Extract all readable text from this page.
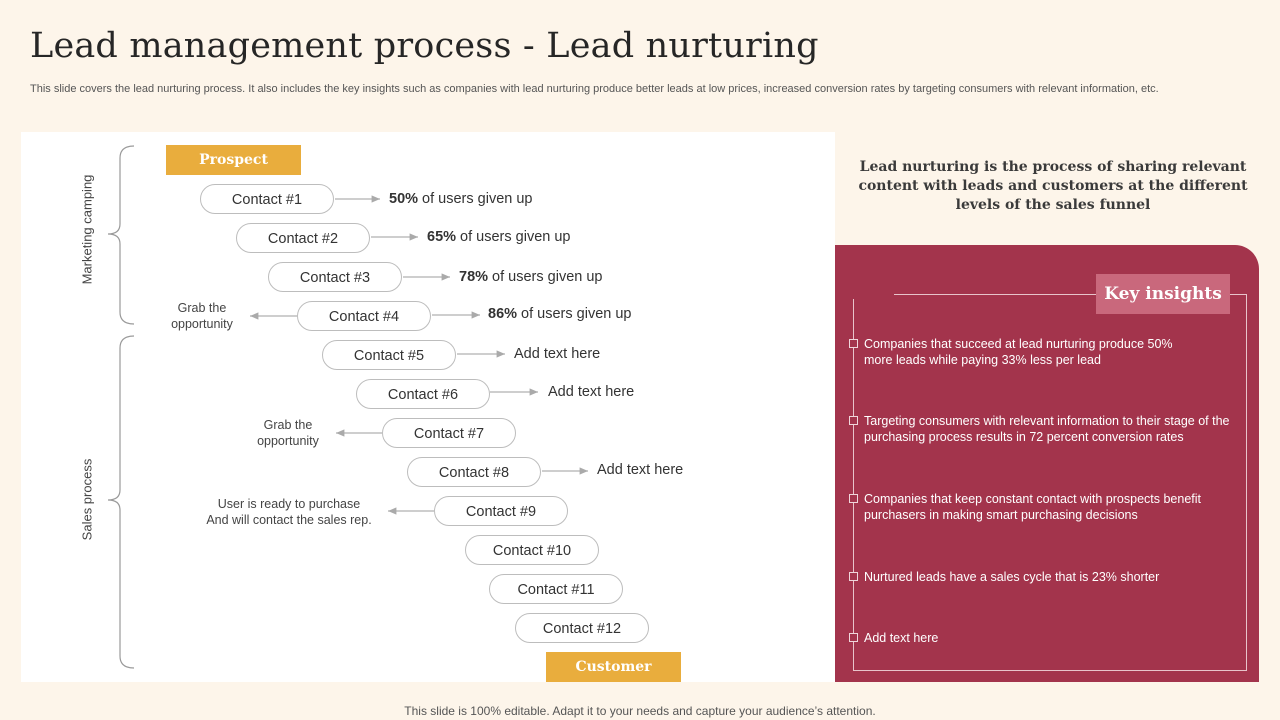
Lead management process - Lead nurturing
This slide covers the lead nurturing process. It also includes the key insights such as companies with lead nurturing produce better leads at low prices, increased conversion rates by targeting consumers with relevant information, etc.
Marketing camping
Sales process
Prospect
Customer
Contact #1
Contact #2
Contact #3
Contact #4
Contact #5
Contact #6
Contact #7
Contact #8
Contact #9
Contact #10
Contact #11
Contact #12
50% of users given up
65% of users given up
78% of users given up
86% of users given up
Add text here
Add text here
Add text here
Grab the
opportunity
Grab the
opportunity
User is ready to purchase
And will contact the sales rep.
Lead nurturing is the process of sharing relevant content with leads and customers at the different levels of the sales funnel
Key insights
Companies that succeed at lead nurturing produce 50% more leads while paying 33% less per lead
Targeting consumers with relevant information to their stage of the purchasing process results in 72 percent conversion rates
Companies that keep constant contact with prospects benefit purchasers in making smart purchasing decisions
Nurtured leads have a sales cycle that is 23% shorter
Add text here
This slide is 100% editable. Adapt it to your needs and capture your audience’s attention.
